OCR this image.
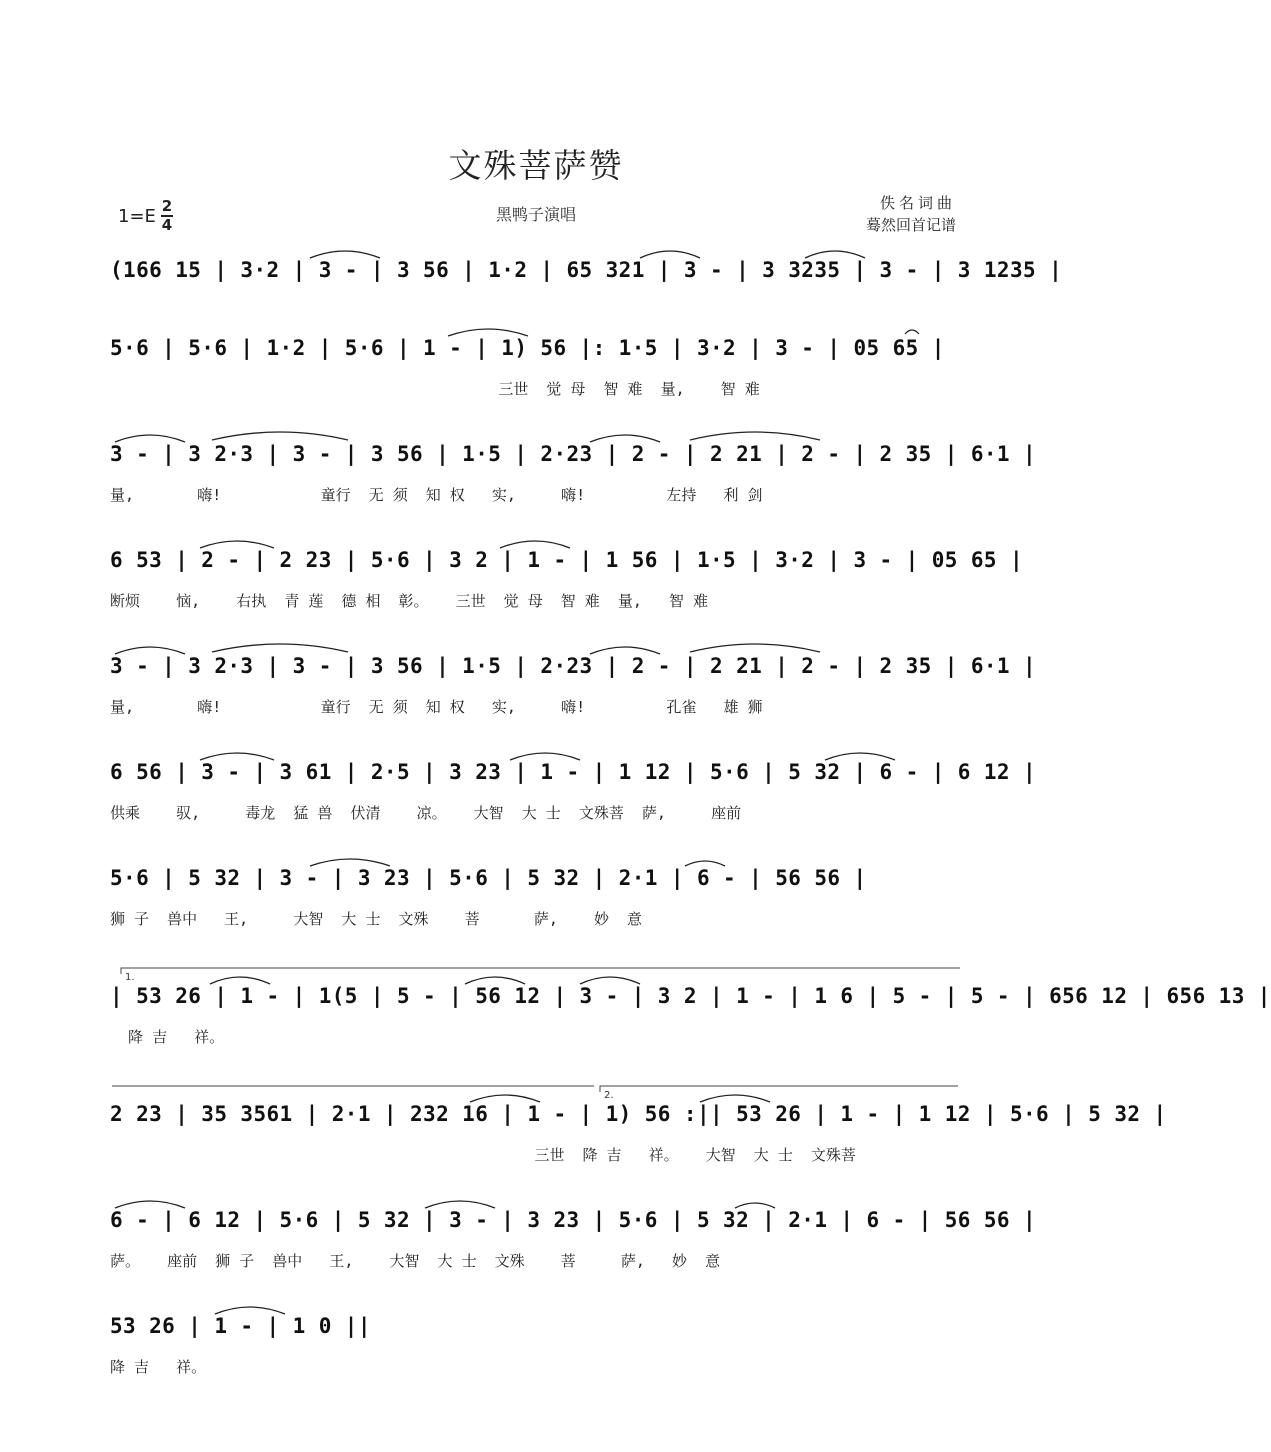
文殊菩萨赞
1=E 2
4
黑鸭子演唱
佚名词曲
蓦然回首记谱
(166 15 | 3·2 | 3 - | 3 56 | 1·2 | 65 321 | 3 - | 3 3235 | 3 - | 3 1235 |
5·6 | 5·6 | 1·2 | 5·6 | 1 - | 1) 56 |: 1·5 | 3·2 | 3 - | 05 65 |
三世  觉 母  智 难  量,    智 难
3 - | 3 2·3 | 3 - | 3 56 | 1·5 | 2·23 | 2 - | 2 21 | 2 - | 2 35 | 6·1 |
量,       嗨!           童行  无 须  知 权   实,     嗨!         左持   利 剑
6 53 | 2 - | 2 23 | 5·6 | 3 2 | 1 - | 1 56 | 1·5 | 3·2 | 3 - | 05 65 |
断烦    恼,    右执  青 莲  德 相  彰。   三世  觉 母  智 难  量,   智 难
3 - | 3 2·3 | 3 - | 3 56 | 1·5 | 2·23 | 2 - | 2 21 | 2 - | 2 35 | 6·1 |
量,       嗨!           童行  无 须  知 权   实,     嗨!         孔雀   雄 狮
6 56 | 3 - | 3 61 | 2·5 | 3 23 | 1 - | 1 12 | 5·6 | 5 32 | 6 - | 6 12 |
供乘    驭,     毒龙  猛 兽  伏清    凉。   大智  大 士  文殊菩  萨,     座前
5·6 | 5 32 | 3 - | 3 23 | 5·6 | 5 32 | 2·1 | 6 - | 56 56 |
狮 子  兽中   王,     大智  大 士  文殊    菩      萨,    妙  意
1.
| 53 26 | 1 - | 1(5 | 5 - | 56 12 | 3 - | 3 2 | 1 - | 1 6 | 5 - | 5 - | 656 12 | 656 13 |
降 吉   祥。
2.
2 23 | 35 3561 | 2·1 | 232 16 | 1 - | 1) 56 :|| 53 26 | 1 - | 1 12 | 5·6 | 5 32 |
三世  降 吉   祥。   大智  大 士  文殊菩
6 - | 6 12 | 5·6 | 5 32 | 3 - | 3 23 | 5·6 | 5 32 | 2·1 | 6 - | 56 56 |
萨。   座前  狮 子  兽中   王,    大智  大 士  文殊    菩     萨,   妙  意
53 26 | 1 - | 1 0 ||
降 吉   祥。
